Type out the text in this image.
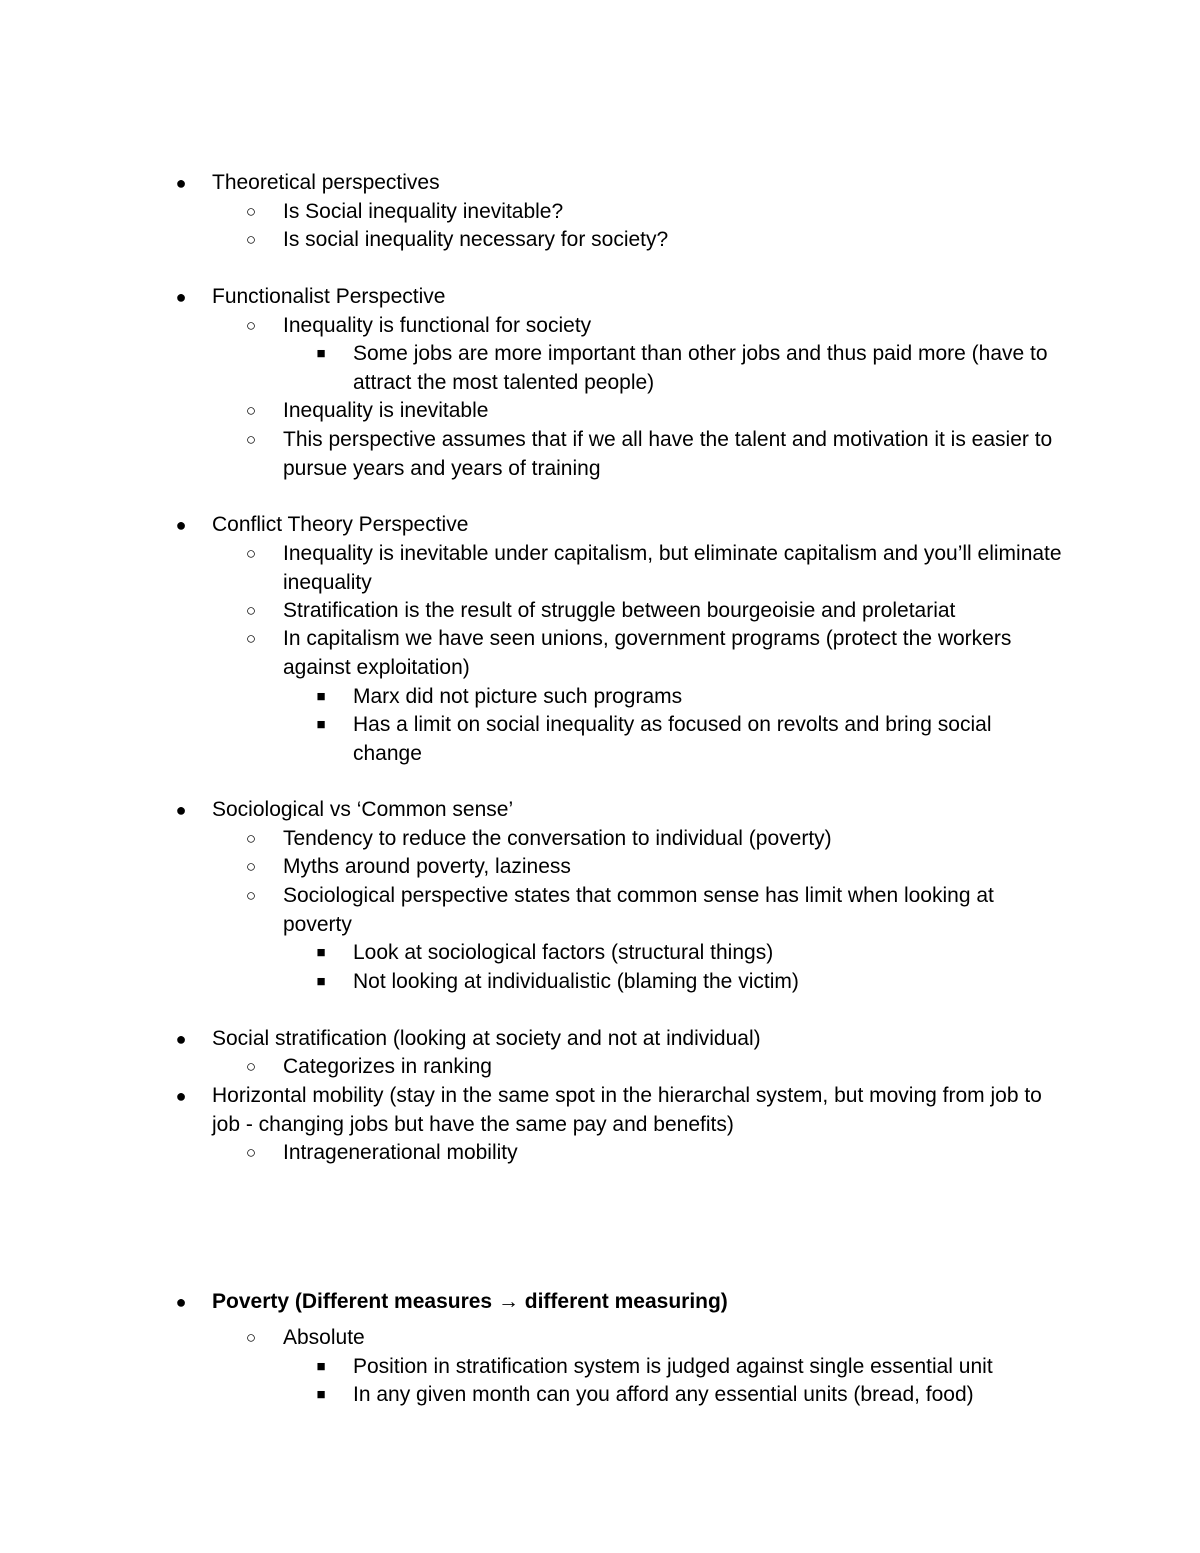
● Theoretical perspectives
○ Is Social inequality inevitable?
○ Is social inequality necessary for society?
● Functionalist Perspective
○ Inequality is functional for society
■	Some jobs are more important than other jobs and thus paid more (have to attract the most talented people)
○ Inequality is inevitable
○ This perspective assumes that if we all have the talent and motivation it is easier to pursue years and years of training
● Conflict Theory Perspective
○ Inequality is inevitable under capitalism, but eliminate capitalism and you’ll eliminate inequality
○ Stratification is the result of struggle between bourgeoisie and proletariat
○ In capitalism we have seen unions, government programs (protect the workers against exploitation)
■	Marx did not picture such programs
■	Has a limit on social inequality as focused on revolts and bring social change
● Sociological vs ‘Common sense’
○ Tendency to reduce the conversation to individual (poverty)
○ Myths around poverty, laziness
○ Sociological perspective states that common sense has limit when looking at poverty
■	Look at sociological factors (structural things)
■	Not looking at individualistic (blaming the victim)
● Social stratification (looking at society and not at individual)
○ Categorizes in ranking
● Horizontal mobility (stay in the same spot in the hierarchal system, but moving from job to job - changing jobs but have the same pay and benefits)
○ Intragenerational mobility
● Poverty (Different measures → different measuring)
○ Absolute
■	Position in stratification system is judged against single essential unit
■	In any given month can you afford any essential units (bread, food)
